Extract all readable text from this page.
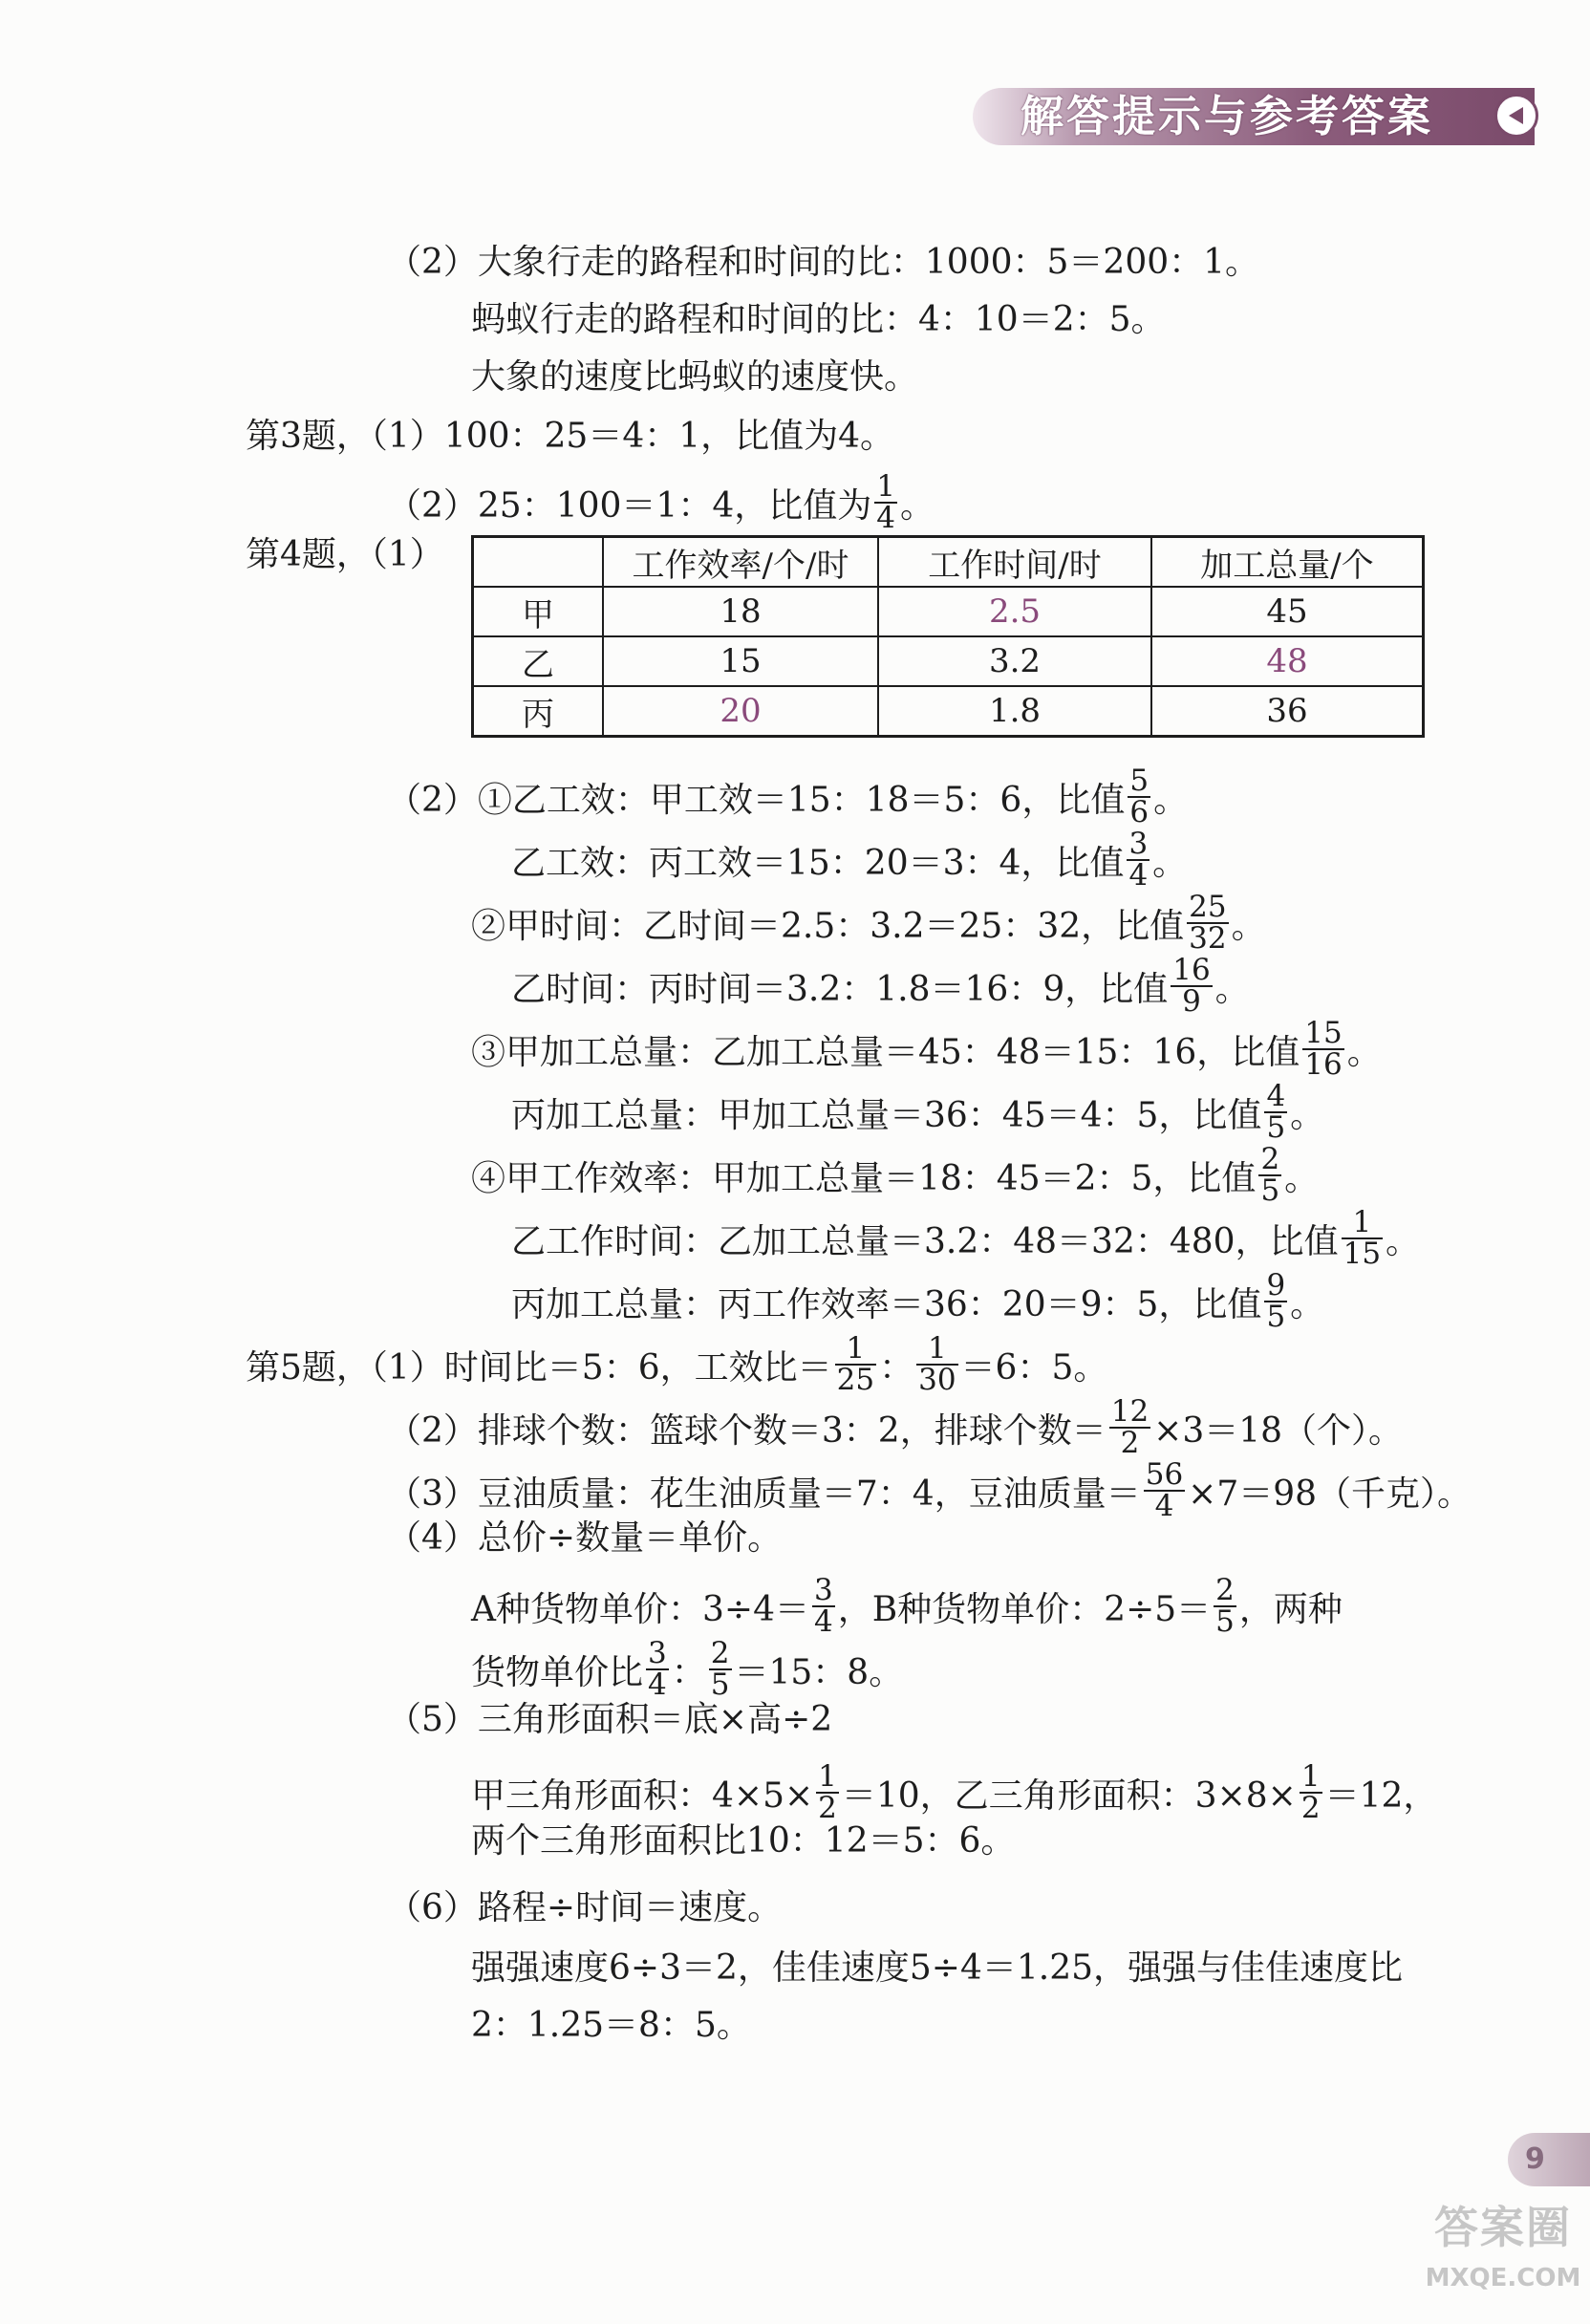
解答提示与参考答案
（2）大象行走的路程和时间的比：1000：5＝200：1。
蚂蚁行走的路程和时间的比：4：10＝2：5。
大象的速度比蚂蚁的速度快。
第3题，（1）100：25＝4：1，比值为4。
（2）25：100＝1：4，比值为 $\frac{1}{4}$ 。
第4题，（1）
		工作效率/个/时	工作时间/时	加工总量/个
甲	18	2.5	45
乙	15	3.2	48
丙	20	1.8	36
（2）①乙工效：甲工效＝15：18＝5：6，比值 $\frac{5}{6}$ 。
乙工效：丙工效＝15：20＝3：4，比值 $\frac{3}{4}$ 。
②甲时间：乙时间＝2.5：3.2＝25：32，比值 $\frac{25}{32}$ 。
乙时间：丙时间＝3.2：1.8＝16：9，比值 $\frac{16}{9}$ 。
③甲加工总量：乙加工总量＝45：48＝15：16，比值 $\frac{15}{16}$ 。
丙加工总量：甲加工总量＝36：45＝4：5，比值 $\frac{4}{5}$ 。
④甲工作效率：甲加工总量＝18：45＝2：5，比值 $\frac{2}{5}$ 。
乙工作时间：乙加工总量＝3.2：48＝32：480，比值 $\frac{1}{15}$ 。
丙加工总量：丙工作效率＝36：20＝9：5，比值 $\frac{9}{5}$ 。
第5题，（1）时间比＝5：6，工效比＝ $\frac{1}{25}$ ： $\frac{1}{30} =6$：5。
（2）排球个数：篮球个数＝3：2，排球个数＝ $\frac{12}{2} \times 3=18$（个）。
（3）豆油质量：花生油质量＝7：4，豆油质量＝ $\frac{56}{4} \times 7=98$（千克）。
（4）总价÷数量＝单价。
A种货物单价：$3\div 4= \frac{3}{4}$ ，B种货物单价：$2\div 5= \frac{2}{5}$ ，两种
货物单价比 $\frac{3}{4}$ ： $\frac{2}{5} =15$：8。
（5）三角形面积＝底×高÷2
甲三角形面积：$4\times 5\times \frac{1}{2} =10$，乙三角形面积：$3\times 8\times \frac{1}{2} =12$，
两个三角形面积比10：12＝5：6。
（6）路程÷时间＝速度。
强强速度6÷3＝2，佳佳速度5÷4＝1.25，强强与佳佳速度比
2：1.25＝8：5。
9
答案圈
MXQE.COM
